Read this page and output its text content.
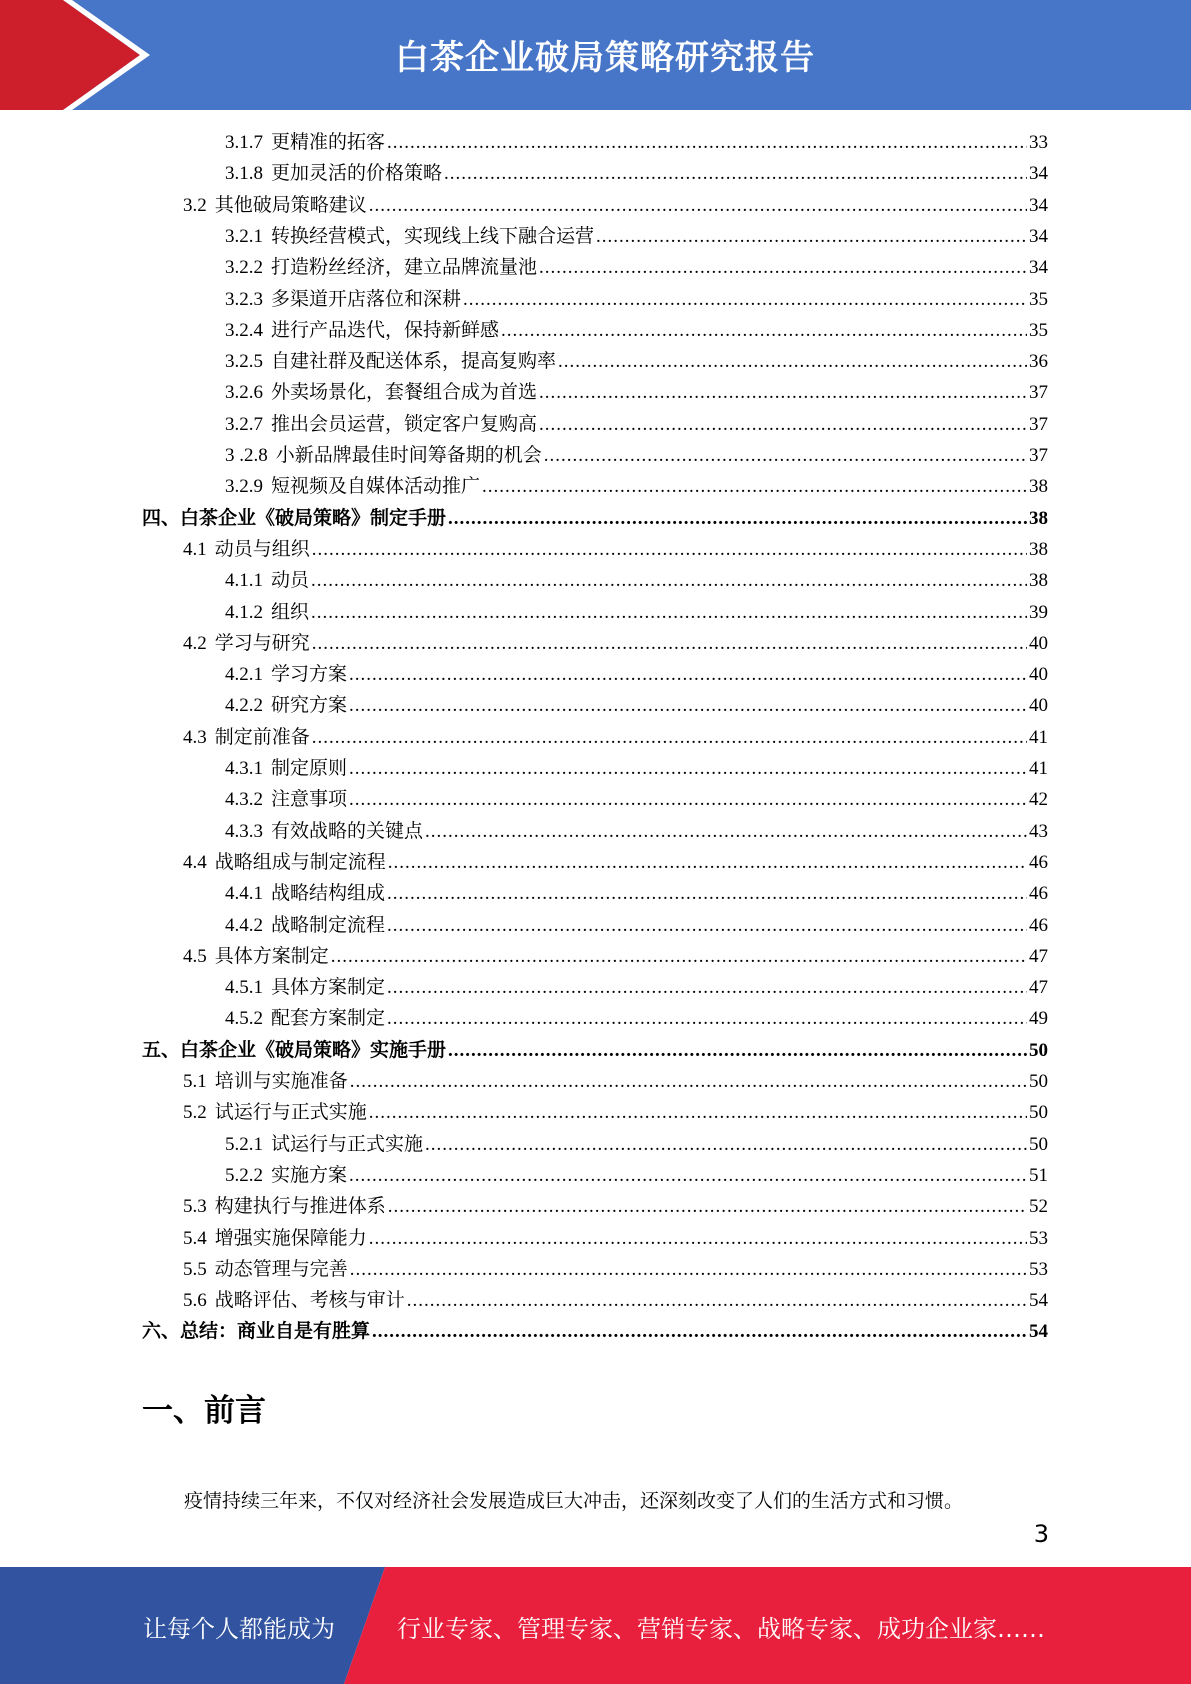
白茶企业破局策略研究报告
3.1.7 更精准的拓客 .....	33
3.1.8 更加灵活的价格策略 .....	34
3.2 其他破局策略建议 .....	34
3.2.1 转换经营模式，实现线上线下融合运营 .....	34
3.2.2 打造粉丝经济，建立品牌流量池 .....	34
3.2.3 多渠道开店落位和深耕 .....	35
3.2.4 进行产品迭代，保持新鲜感 .....	35
3.2.5 自建社群及配送体系，提高复购率 .....	36
3.2.6 外卖场景化，套餐组合成为首选 .....	37
3.2.7 推出会员运营，锁定客户复购高 .....	37
3 .2.8 小新品牌最佳时间筹备期的机会 .....	37
3.2.9 短视频及自媒体活动推广 .....	38
四、 白茶企业《破局策略》制定手册 .....	38
4.1 动员与组织 .....	38
4.1.1 动员 .....	38
4.1.2 组织 .....	39
4.2 学习与研究 .....	40
4.2.1 学习方案 .....	40
4.2.2 研究方案 .....	40
4.3 制定前准备 .....	41
4.3.1 制定原则 .....	41
4.3.2 注意事项 .....	42
4.3.3 有效战略的关键点 .....	43
4.4 战略组成与制定流程 .....	46
4.4.1 战略结构组成 .....	46
4.4.2 战略制定流程 .....	46
4.5 具体方案制定 .....	47
4.5.1 具体方案制定 .....	47
4.5.2 配套方案制定 .....	49
五、 白茶企业《破局策略》实施手册 .....	50
5.1 培训与实施准备 .....	50
5.2 试运行与正式实施 .....	50
5.2.1 试运行与正式实施 .....	50
5.2.2 实施方案 .....	51
5.3 构建执行与推进体系 .....	52
5.4 增强实施保障能力 .....	53
5.5 动态管理与完善 .....	53
5.6 战略评估、考核与审计 .....	54
六、 总结：商业自是有胜算 .....	54
一、前言
疫情持续三年来，不仅对经济社会发展造成巨大冲击，还深刻改变了人们的生活方式和习惯。
3
让每个人都能成为	行业专家、管理专家、营销专家、战略专家、成功企业家……
